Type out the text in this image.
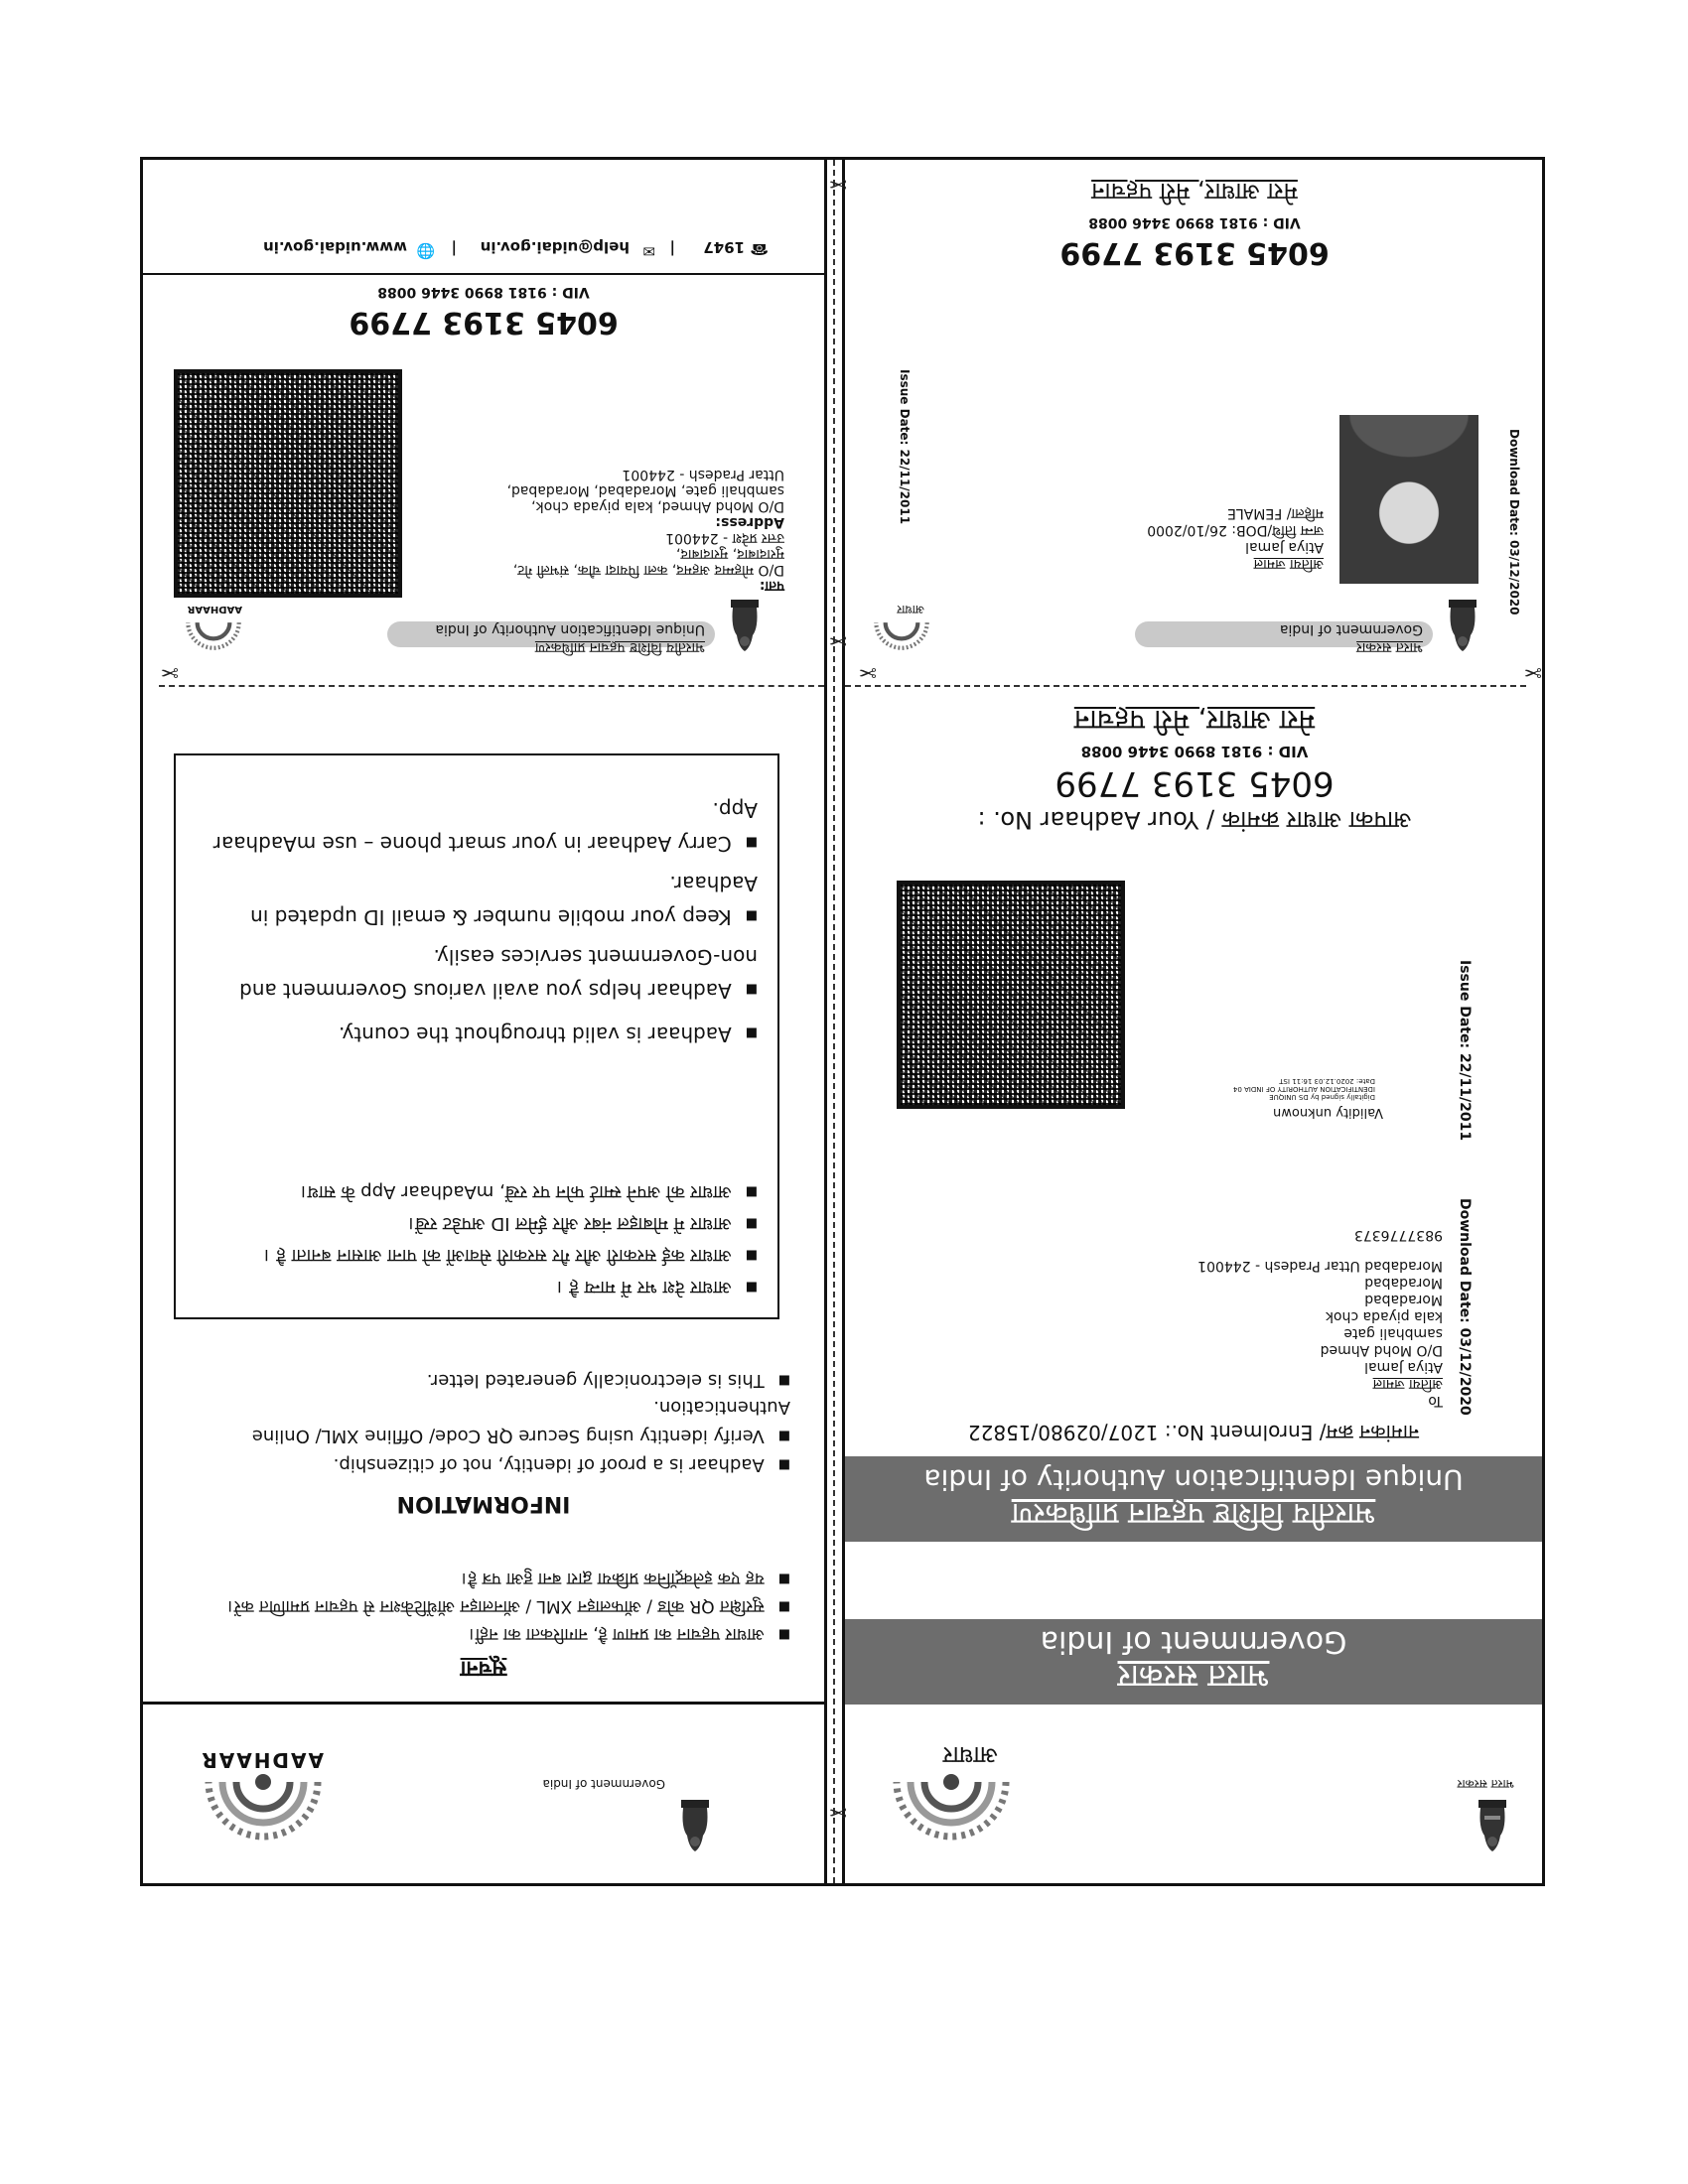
भारत सरकार
आधार
भारत सरकार
Government of India
भारतीय विशिष्ट पहचान प्राधिकरण
Unique Identification Authority of India
नामांकन क्रम/ Enrolment No.: 1207/02980/15822
To
अतिया जमाल
Atiya Jamal
D/O Mohd Ahmed
sambhali gate
kala piyada chok
Moradabad
Moradabad
Moradabad Uttar Pradesh - 244001
9837776373 Download Date: 03/12/2020
Issue Date: 22/11/2011
Validity unknown
Digitally signed by DS UNIQUE IDENTIFICATION AUTHORITY OF INDIA 04
Date: 2020.12.03 16:11 IST
आपका आधार क्रमांक / Your Aadhaar No. :
6045 3193 7799
VID : 9181 8990 3446 0088
मेरा आधार, मेरी पहचान
✂
✂
Download Date: 03/12/2020
भारत सरकार
Government of India
आधार
अतिया जमाल
Atiya Jamal
जन्म तिथि/DOB: 26/10/2000
महिला/ FEMALE
Issue Date: 22/11/2011
6045 3193 7799
VID : 9181 8990 3446 0088
मेरा आधार, मेरी पहचान
✂
✂
✂
Government of India
AADHAAR
सूचना
■ आधार पहचान का प्रमाण है, नागरिकता का नहीं।
■ सुरक्षित QR कोड / ऑफलाइन XML / ऑनलाइन ऑथेंटिकेशन से पहचान प्रमाणित करें।
■ यह एक इलेक्ट्रॉनिक प्रक्रिया द्वारा बना हुआ पत्र है।
INFORMATION
■ Aadhaar is a proof of identity, not of citizenship.
■ Verify identity using Secure QR Code/ Offline XML/ Online Authentication.
■ This is electronically generated letter.
■ आधार देश भर में मान्य है ।
■ आधार कई सरकारी और गैर सरकारी सेवाओं को पाना आसान बनाता है ।
■ आधार में मोबाइल नंबर और ईमेल ID अपडेट रखें।
■ आधार को अपने स्मार्ट फोन पर रखें, mAadhaar App के साथ।
■ Aadhaar is valid throughout the county.
■ Aadhaar helps you avail various Government and non-Government services easily.
■ Keep your mobile number & email ID updated in Aadhaar.
■ Carry Aadhaar in your smart phone – use mAadhaar App.
✂
भारतीय विशिष्ट पहचान प्राधिकरण
Unique Identification Authority of India
AADHAAR
पता:
D/O मोहम्मद अहमद, कला पियादा चौक, संभली गेट,
मुरादाबाद, मुरादाबाद,
उत्तर प्रदेश - 244001
Address:
D/O Mohd Ahmed, kala piyada chok,
sambhali gate, Moradabad, Moradabad,
Uttar Pradesh - 244001
6045 3193 7799
VID : 9181 8990 3446 0088
☎
1947
|
✉
help@uidai.gov.in
|
🌐
www.uidai.gov.in
